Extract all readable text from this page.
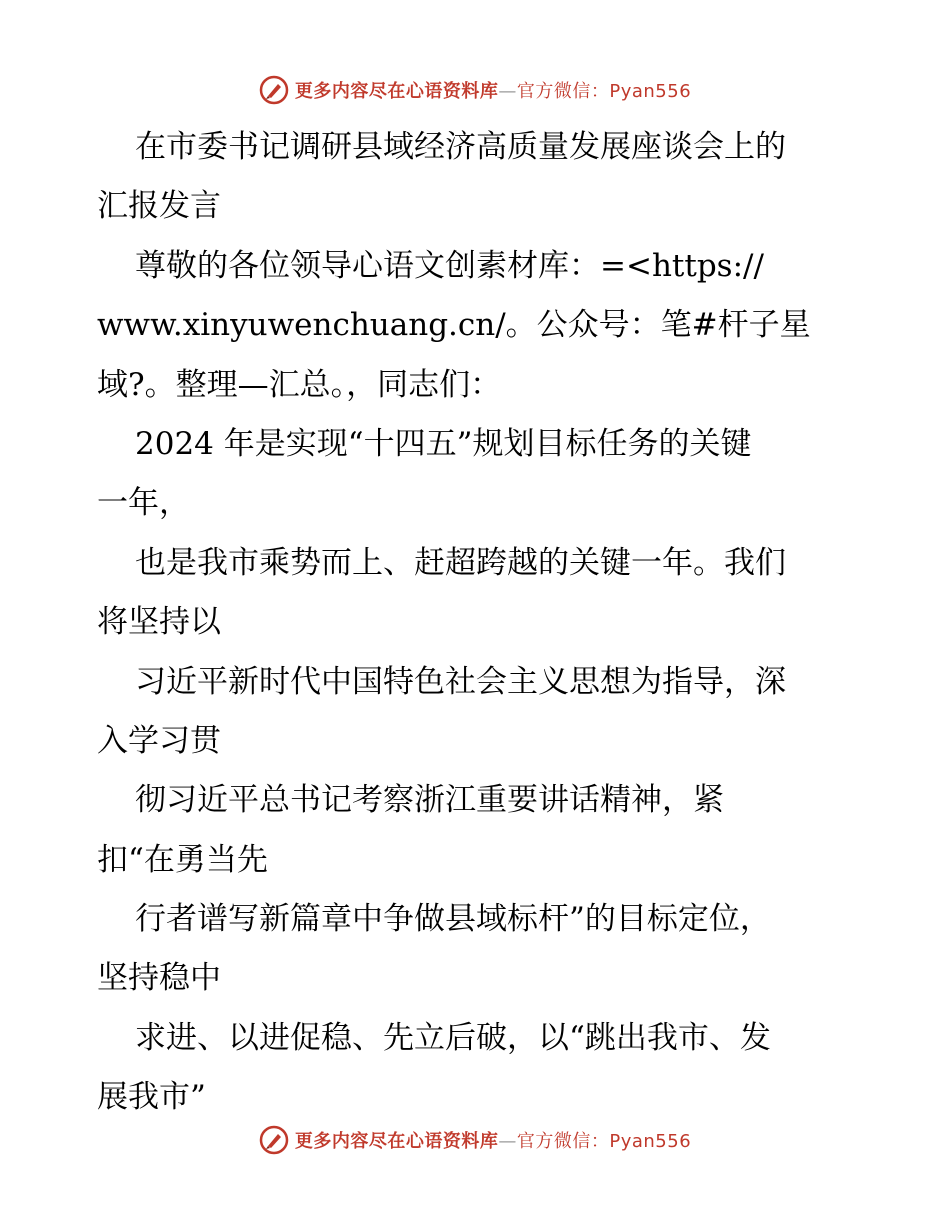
更多内容尽在心语资料库—官方微信：Pyan556
在市委书记调研县域经济高质量发展座谈会上的
汇报发言
尊敬的各位领导心语文创素材库：=<https://
www.xinyuwenchuang.cn/。公众号：笔#杆子星
域?。整理—汇总。，同志们：
2024 年是实现“十四五”规划目标任务的关键
一年，
也是我市乘势而上、赶超跨越的关键一年。我们
将坚持以
习近平新时代中国特色社会主义思想为指导，深
入学习贯
彻习近平总书记考察浙江重要讲话精神，紧
扣“在勇当先
行者谱写新篇章中争做县域标杆”的目标定位，
坚持稳中
求进、以进促稳、先立后破，以“跳出我市、发
展我市”
更多内容尽在心语资料库—官方微信：Pyan556
